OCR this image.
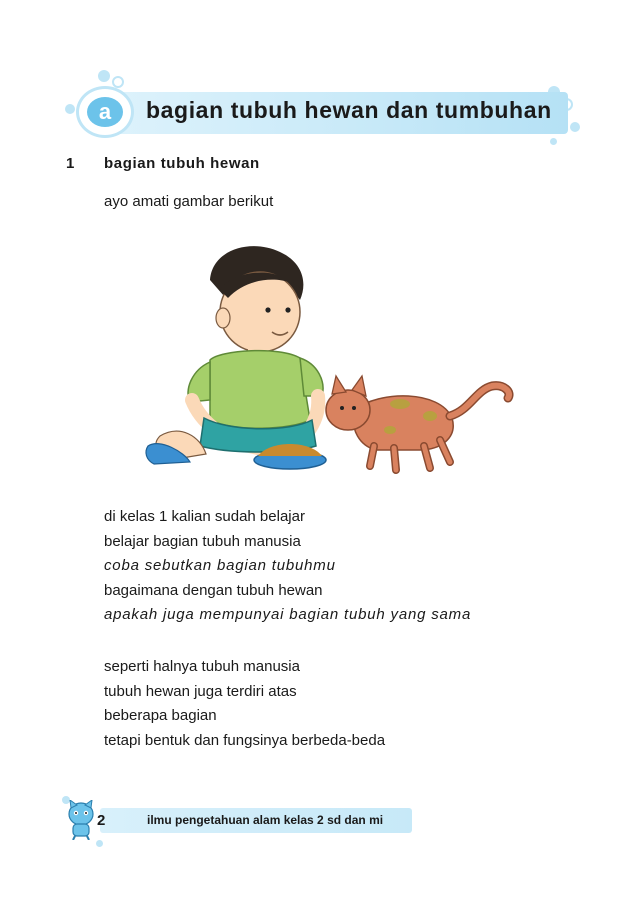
a	bagian tubuh hewan dan tumbuhan
1 bagian tubuh hewan
ayo amati gambar berikut
di kelas 1 kalian sudah belajar
belajar bagian tubuh manusia
coba sebutkan bagian tubuhmu
bagaimana dengan tubuh hewan
apakah juga mempunyai bagian tubuh yang sama
seperti halnya tubuh manusia
tubuh hewan juga terdiri atas
beberapa bagian
tetapi bentuk dan fungsinya berbeda-beda
2	ilmu pengetahuan alam kelas 2 sd dan mi
